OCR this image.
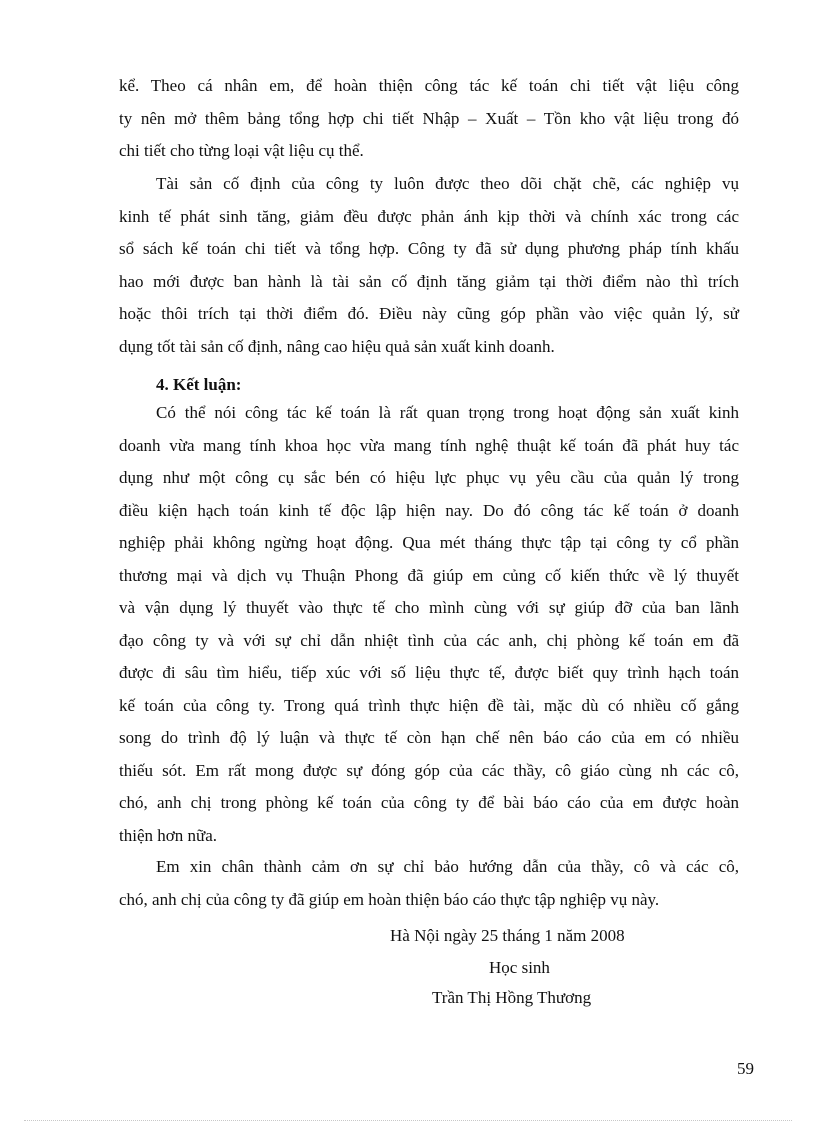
kể. Theo cá nhân em, để hoàn thiện công tác kế toán chi tiết vật liệu công

ty nên mở thêm bảng tổng hợp chi tiết Nhập – Xuất – Tồn kho vật liệu trong đó

chi tiết cho từng loại vật liệu cụ thể.

Tài sản cố định của công ty luôn được theo dõi chặt chẽ, các nghiệp vụ

kinh tế phát sinh tăng, giảm đều được phản ánh kịp thời và chính xác trong các

sổ sách kế toán chi tiết và tổng hợp. Công ty đã sử dụng phương pháp tính khấu

hao mới được ban hành là tài sản cố định tăng giảm tại thời điểm nào thì trích

hoặc thôi trích tại thời điểm đó. Điều này cũng góp phần vào việc quản lý, sử

dụng tốt tài sản cố định, nâng cao hiệu quả sản xuất kinh doanh.

4. Kết luận:

Có thể nói công tác kế toán là rất quan trọng trong hoạt động sản xuất kinh

doanh vừa mang tính khoa học vừa mang tính nghệ thuật kế toán đã phát huy tác

dụng như một công cụ sắc bén có hiệu lực phục vụ yêu cầu của quản lý trong

điều kiện hạch toán kinh tế độc lập hiện nay. Do đó công tác kế toán ở doanh

nghiệp phải không ngừng hoạt động. Qua mét tháng thực tập tại công ty cổ phần

thương mại và dịch vụ Thuận Phong đã giúp em củng cố kiến thức về lý thuyết

và vận dụng lý thuyết vào thực tế cho mình cùng với sự giúp đỡ của ban lãnh

đạo công ty và với sự chỉ dẫn nhiệt tình của các anh, chị phòng kế toán em đã

được đi sâu tìm hiểu, tiếp xúc với số liệu thực tế, được biết quy trình hạch toán

kế toán của công ty. Trong quá trình thực hiện đề tài, mặc dù có nhiều cố gắng

song do trình độ lý luận và thực tế còn hạn chế nên báo cáo của em có nhiều

thiếu sót. Em rất mong được sự đóng góp của các thầy, cô giáo cùng nh các cô,

chó, anh chị trong phòng kế toán của công ty để bài báo cáo của em được hoàn

thiện hơn nữa.

Em xin chân thành cảm ơn sự chỉ bảo hướng dẫn của thầy, cô và các cô,

chó, anh chị của công ty đã giúp em hoàn thiện báo cáo thực tập nghiệp vụ này.

Hà Nội ngày 25 tháng 1 năm 2008

Học sinh

Trần Thị Hồng Thương

59
